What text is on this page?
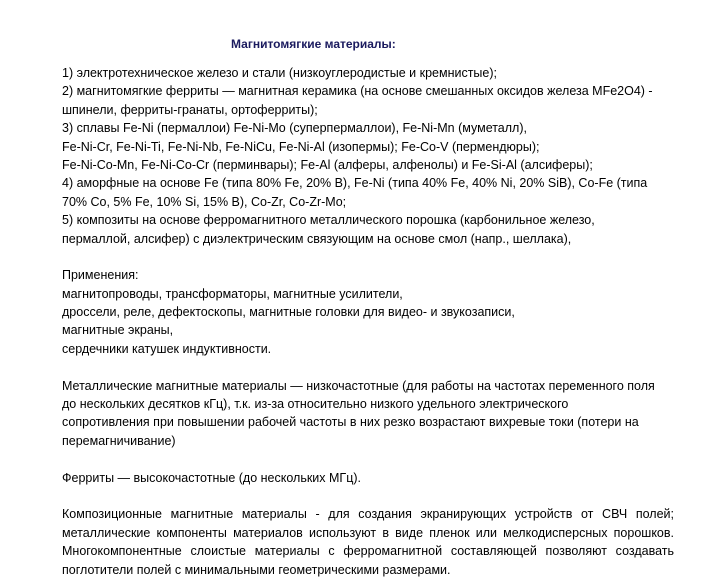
Магнитомягкие материалы:
1) электротехническое железо и стали (низкоуглеродистые и кремнистые);
2) магнитомягкие ферриты — магнитная керамика (на основе смешанных оксидов железа MFe2O4) -
шпинели, ферриты-гранаты, ортоферриты);
3) сплавы Fe-Ni (пермаллои) Fe-Ni-Mo (суперпермаллои), Fe-Ni-Mn (муметалл),
Fe-Ni-Cr, Fe-Ni-Ti, Fe-Ni-Nb, Fe-NiCu, Fe-Ni-Al (изопермы); Fe-Co-V (пермендюры);
Fe-Ni-Co-Mn, Fe-Ni-Co-Cr (перминвары); Fe-Al (алферы, алфенолы) и Fe-Si-Al (алсиферы);
4) аморфные на основе Fe (типа 80% Fe, 20% B), Fe-Ni (типа 40% Fe, 40% Ni, 20% SiB), Co-Fe (типа
70% Co, 5% Fe, 10% Si, 15% B), Co-Zr, Co-Zr-Mo;
5) композиты на основе ферромагнитного металлического порошка (карбонильное железо,
пермаллой, алсифер) с диэлектрическим связующим на основе смол (напр., шеллака),
Применения:
магнитопроводы, трансформаторы, магнитные усилители,
дроссели, реле, дефектоскопы, магнитные головки для видео- и звукозаписи,
магнитные экраны,
сердечники катушек индуктивности.
Металлические магнитные материалы — низкочастотные (для работы на частотах переменного поля
до нескольких десятков кГц), т.к. из-за относительно низкого удельного электрического
сопротивления при повышении рабочей частоты в них резко возрастают вихревые токи (потери на
перемагничивание)
Ферриты — высокочастотные (до нескольких МГц).
Композиционные магнитные материалы - для создания экранирующих устройств от СВЧ полей;
металлические компоненты материалов используют в виде пленок или мелкодисперсных порошков.
Многокомпонентные слоистые материалы с ферромагнитной составляющей позволяют создавать
поглотители полей с минимальными геометрическими размерами.
